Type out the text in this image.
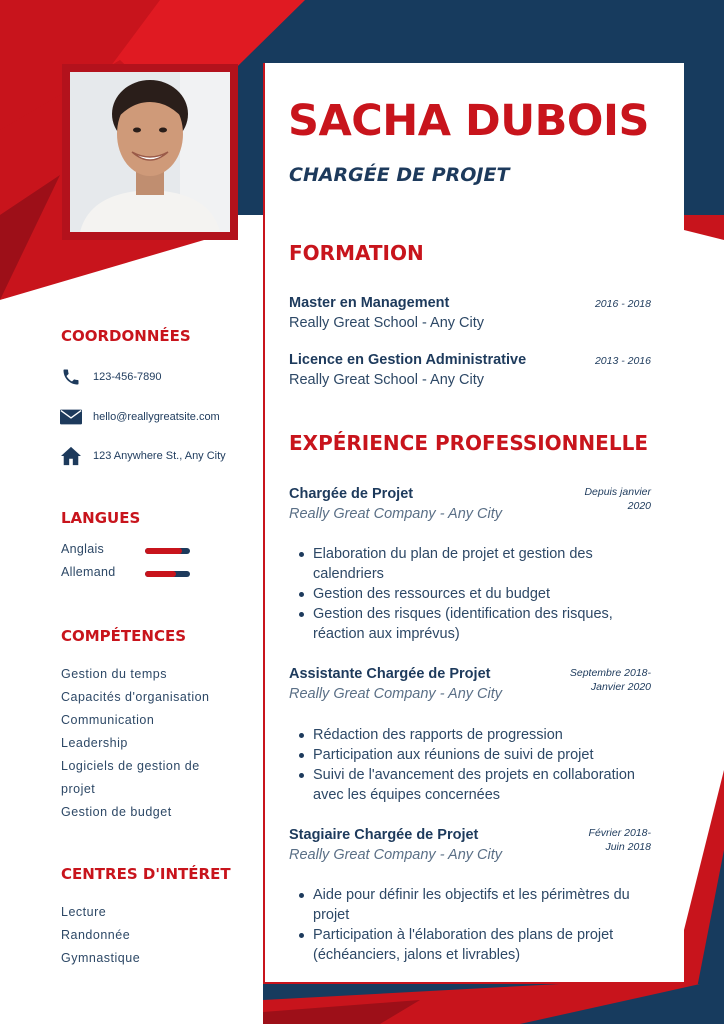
SACHA DUBOIS
CHARGÉE DE PROJET
FORMATION
Master en Management	2016 - 2018
Really Great School - Any City
Licence en Gestion Administrative	2013 - 2016
Really Great School - Any City
EXPÉRIENCE PROFESSIONNELLE
Chargée de Projet	Depuis janvier
2020
Really Great Company - Any City
Elaboration du plan de projet et gestion des calendriers
Gestion des ressources et du budget
Gestion des risques (identification des risques, réaction aux imprévus)
Assistante Chargée de Projet	Septembre 2018-
Janvier 2020
Really Great Company - Any City
Rédaction des rapports de progression
Participation aux réunions de suivi de projet
Suivi de l'avancement des projets en collaboration avec les équipes concernées
Stagiaire Chargée de Projet	Février 2018-
Juin 2018
Really Great Company - Any City
Aide pour définir les objectifs et les périmètres du projet
Participation à l'élaboration des plans de projet (échéanciers, jalons et livrables)
COORDONNÉES
123-456-7890
hello@reallygreatsite.com
123 Anywhere St., Any City
LANGUES
Anglais
Allemand
COMPÉTENCES
Gestion du temps
Capacités d'organisation
Communication
Leadership
Logiciels de gestion de projet
Gestion de budget
CENTRES D'INTÉRET
Lecture
Randonnée
Gymnastique
